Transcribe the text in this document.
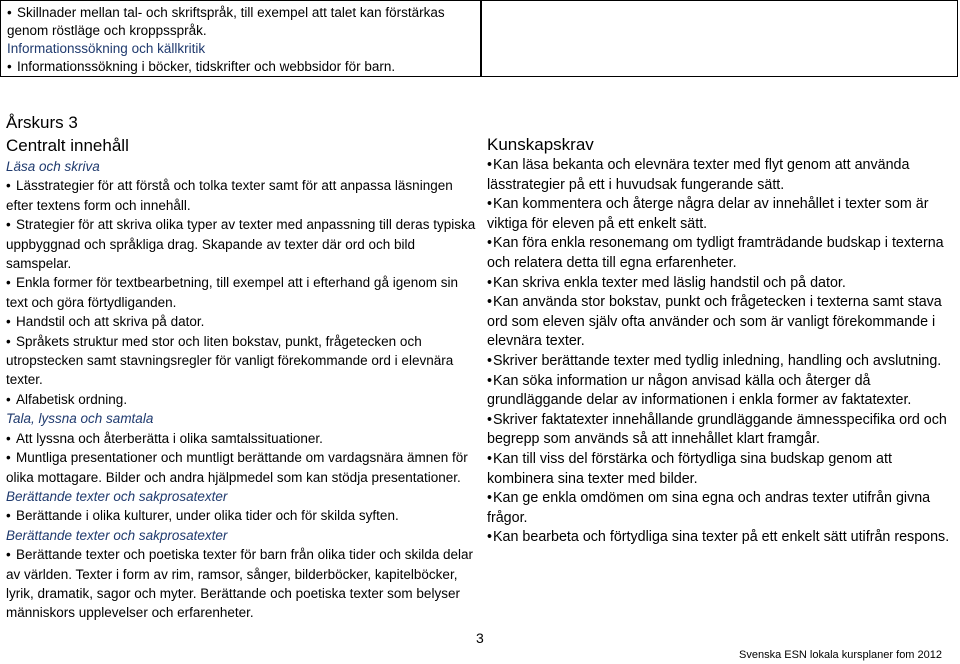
• Skillnader mellan tal- och skriftspråk, till exempel att talet kan förstärkas
genom röstläge och kroppsspråk.

Informationssökning och källkritik

• Informationssökning i böcker, tidskrifter och webbsidor för barn.

Årskurs 3
Centralt innehåll

Läsa och skriva

• Lässtrategier för att förstå och tolka texter samt för att anpassa läsningen efter textens form och innehåll.

• Strategier för att skriva olika typer av texter med anpassning till deras typiska uppbyggnad och språkliga drag. Skapande av texter där ord och bild samspelar.

• Enkla former för textbearbetning, till exempel att i efterhand gå igenom sin text och göra förtydliganden.

• Handstil och att skriva på dator.

• Språkets struktur med stor och liten bokstav, punkt, frågetecken och utropstecken samt stavningsregler för vanligt förekommande ord i elevnära texter.

• Alfabetisk ordning.

Tala, lyssna och samtala

• Att lyssna och återberätta i olika samtalssituationer.

• Muntliga presentationer och muntligt berättande om vardagsnära ämnen för olika mottagare. Bilder och andra hjälpmedel som kan stödja presentationer.

Berättande texter och sakprosatexter

• Berättande i olika kulturer, under olika tider och för skilda syften.

Berättande texter och sakprosatexter

• Berättande texter och poetiska texter för barn från olika tider och skilda delar av världen. Texter i form av rim, ramsor, sånger, bilderböcker, kapitelböcker, lyrik, dramatik, sagor och myter. Berättande och poetiska texter som belyser människors upplevelser och erfarenheter.

Kunskapskrav

•Kan läsa bekanta och elevnära texter med flyt genom att använda lässtrategier på ett i huvudsak fungerande sätt.

•Kan kommentera och återge några delar av innehållet i texter som är viktiga för eleven på ett enkelt sätt.

•Kan föra enkla resonemang om tydligt framträdande budskap i texterna och relatera detta till egna erfarenheter.

•Kan skriva enkla texter med läslig handstil och på dator.

•Kan använda stor bokstav, punkt och frågetecken i texterna samt stava ord som eleven själv ofta använder och som är vanligt förekommande i elevnära texter.

•Skriver berättande texter med tydlig inledning, handling och avslutning.

•Kan söka information ur någon anvisad källa och återger då grundläggande delar av informationen i enkla former av faktatexter.

•Skriver faktatexter innehållande grundläggande ämnesspecifika ord och begrepp som används så att innehållet klart framgår.

•Kan till viss del förstärka och förtydliga sina budskap genom att kombinera sina texter med bilder.

•Kan ge enkla omdömen om sina egna och andras texter utifrån givna frågor.

•Kan bearbeta och förtydliga sina texter på ett enkelt sätt utifrån respons.

3
Svenska ESN lokala kursplaner fom 2012
